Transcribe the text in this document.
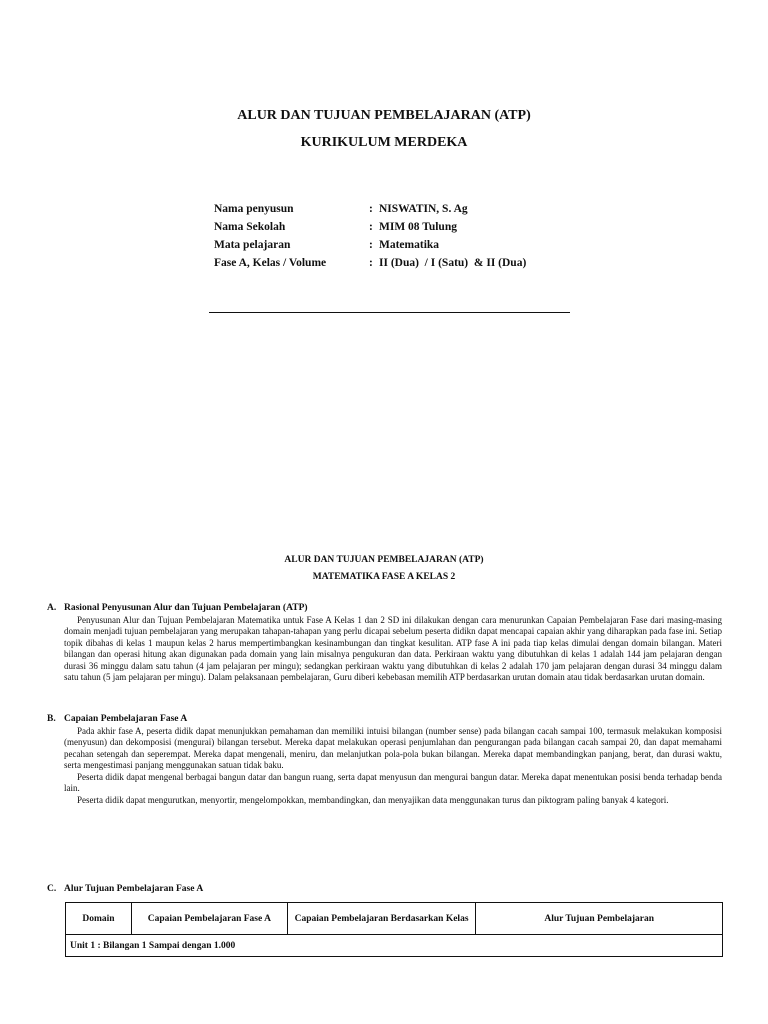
ALUR DAN TUJUAN PEMBELAJARAN (ATP)
KURIKULUM MERDEKA
Nama penyusun	: NISWATIN, S. Ag
Nama Sekolah	: MIM 08 Tulung
Mata pelajaran	: Matematika
Fase A, Kelas / Volume	: II (Dua)  / I (Satu)  & II (Dua)
ALUR DAN TUJUAN PEMBELAJARAN (ATP)
MATEMATIKA FASE A KELAS 2
A. Rasional Penyusunan Alur dan Tujuan Pembelajaran (ATP)
Penyusunan Alur dan Tujuan Pembelajaran Matematika untuk Fase A Kelas 1 dan 2 SD ini dilakukan dengan cara menurunkan Capaian Pembelajaran Fase dari masing-masing domain menjadi tujuan pembelajaran yang merupakan tahapan-tahapan yang perlu dicapai sebelum peserta didikn dapat mencapai capaian akhir yang diharapkan pada fase ini. Setiap topik dibahas di kelas 1 maupun kelas 2 harus mempertimbangkan kesinambungan dan tingkat kesulitan. ATP fase A ini pada tiap kelas dimulai dengan domain bilangan. Materi bilangan dan operasi hitung akan digunakan pada domain yang lain misalnya pengukuran dan data. Perkiraan waktu yang dibutuhkan di kelas 1 adalah 144 jam pelajaran dengan durasi 36 minggu dalam satu tahun (4 jam pelajaran per mingu); sedangkan perkiraan waktu yang dibutuhkan di kelas 2 adalah 170 jam pelajaran dengan durasi 34 minggu dalam satu tahun (5 jam pelajaran per mingu). Dalam pelaksanaan pembelajaran, Guru diberi kebebasan memilih ATP berdasarkan urutan domain atau tidak berdasarkan urutan domain.
B. Capaian Pembelajaran Fase A
Pada akhir fase A, peserta didik dapat menunjukkan pemahaman dan memiliki intuisi bilangan (number sense) pada bilangan cacah sampai 100, termasuk melakukan komposisi (menyusun) dan dekomposisi (mengurai) bilangan tersebut. Mereka dapat melakukan operasi penjumlahan dan pengurangan pada bilangan cacah sampai 20, dan dapat memahami pecahan setengah dan seperempat. Mereka dapat mengenali, meniru, dan melanjutkan pola-pola bukan bilangan. Mereka dapat membandingkan panjang, berat, dan durasi waktu, serta mengestimasi panjang menggunakan satuan tidak baku.
Peserta didik dapat mengenal berbagai bangun datar dan bangun ruang, serta dapat menyusun dan mengurai bangun datar. Mereka dapat menentukan posisi benda terhadap benda lain.
Peserta didik dapat mengurutkan, menyortir, mengelompokkan, membandingkan, dan menyajikan data menggunakan turus dan piktogram paling banyak 4 kategori.
C. Alur Tujuan Pembelajaran Fase A
Domain	Capaian Pembelajaran Fase A	Capaian Pembelajaran Berdasarkan Kelas	Alur Tujuan Pembelajaran
Unit 1 : Bilangan 1 Sampai dengan 1.000
